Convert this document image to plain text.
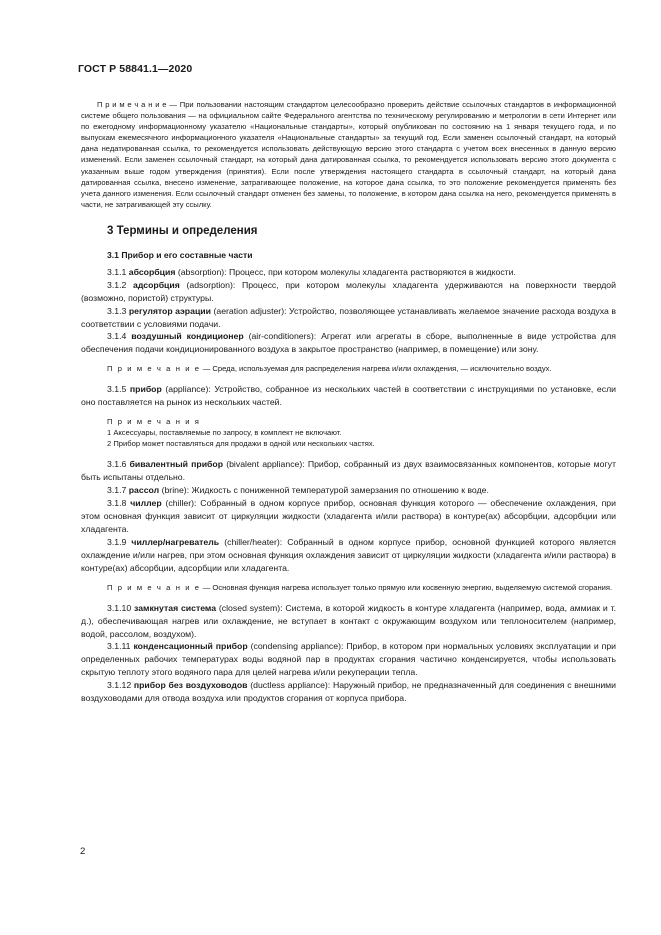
ГОСТ Р 58841.1—2020

П р и м е ч а н и е — При пользовании настоящим стандартом целесообразно проверить действие ссылочных стандартов в информационной системе общего пользования — на официальном сайте Федерального агентства по техническому регулированию и метрологии в сети Интернет или по ежегодному информационному указателю «Национальные стандарты», который опубликован по состоянию на 1 января текущего года, и по выпускам ежемесячного информационного указателя «Национальные стандарты» за текущий год. Если заменен ссылочный стандарт, на который дана недатированная ссылка, то рекомендуется использовать действующую версию этого стандарта с учетом всех внесенных в данную версию изменений. Если заменен ссылочный стандарт, на который дана датированная ссылка, то рекомендуется использовать версию этого документа с указанным выше годом утверждения (принятия). Если после утверждения настоящего стандарта в ссылочный стандарт, на который дана датированная ссылка, внесено изменение, затрагивающее положение, на которое дана ссылка, то это положение рекомендуется применять без учета данного изменения. Если ссылочный стандарт отменен без замены, то положение, в котором дана ссылка на него, рекомендуется применять в части, не затрагивающей эту ссылку.

3 Термины и определения
3.1 Прибор и его составные части

3.1.1 абсорбция (absorption): Процесс, при котором молекулы хладагента растворяются в жидкости.

3.1.2 адсорбция (adsorption): Процесс, при котором молекулы хладагента удерживаются на поверхности твердой (возможно, пористой) структуры.

3.1.3 регулятор аэрации (aeration adjuster): Устройство, позволяющее устанавливать желаемое значение расхода воздуха в соответствии с условиями подачи.

3.1.4 воздушный кондиционер (air-conditioners): Агрегат или агрегаты в сборе, выполненные в виде устройства для обеспечения подачи кондиционированного воздуха в закрытое пространство (например, в помещение) или зону.

П р и м е ч а н и е — Среда, используемая для распределения нагрева и/или охлаждения, — исключительно воздух.

3.1.5 прибор (appliance): Устройство, собранное из нескольких частей в соответствии с инструкциями по установке, если оно поставляется на рынок из нескольких частей.

П р и м е ч а н и я
1 Аксессуары, поставляемые по запросу, в комплект не включают.
2 Прибор может поставляться для продажи в одной или нескольких частях.

3.1.6 бивалентный прибор (bivalent appliance): Прибор, собранный из двух взаимосвязанных компонентов, которые могут быть испытаны отдельно.

3.1.7 рассол (brine): Жидкость с пониженной температурой замерзания по отношению к воде.

3.1.8 чиллер (chiller): Собранный в одном корпусе прибор, основная функция которого — обеспечение охлаждения, при этом основная функция зависит от циркуляции жидкости (хладагента и/или раствора) в контуре(ах) абсорбции, адсорбции или хладагента.

3.1.9 чиллер/нагреватель (chiller/heater): Собранный в одном корпусе прибор, основной функцией которого является охлаждение и/или нагрев, при этом основная функция охлаждения зависит от циркуляции жидкости (хладагента и/или раствора) в контуре(ах) абсорбции, адсорбции или хладагента.

П р и м е ч а н и е — Основная функция нагрева использует только прямую или косвенную энергию, выделяемую системой сгорания.

3.1.10 замкнутая система (closed system): Система, в которой жидкость в контуре хладагента (например, вода, аммиак и т. д.), обеспечивающая нагрев или охлаждение, не вступает в контакт с окружающим воздухом или теплоносителем (например, водой, рассолом, воздухом).

3.1.11 конденсационный прибор (condensing appliance): Прибор, в котором при нормальных условиях эксплуатации и при определенных рабочих температурах воды водяной пар в продуктах сгорания частично конденсируется, чтобы использовать скрытую теплоту этого водяного пара для целей нагрева и/или рекуперации тепла.

3.1.12 прибор без воздуховодов (ductless appliance): Наружный прибор, не предназначенный для соединения с внешними воздуховодами для отвода воздуха или продуктов сгорания от корпуса прибора.

2
